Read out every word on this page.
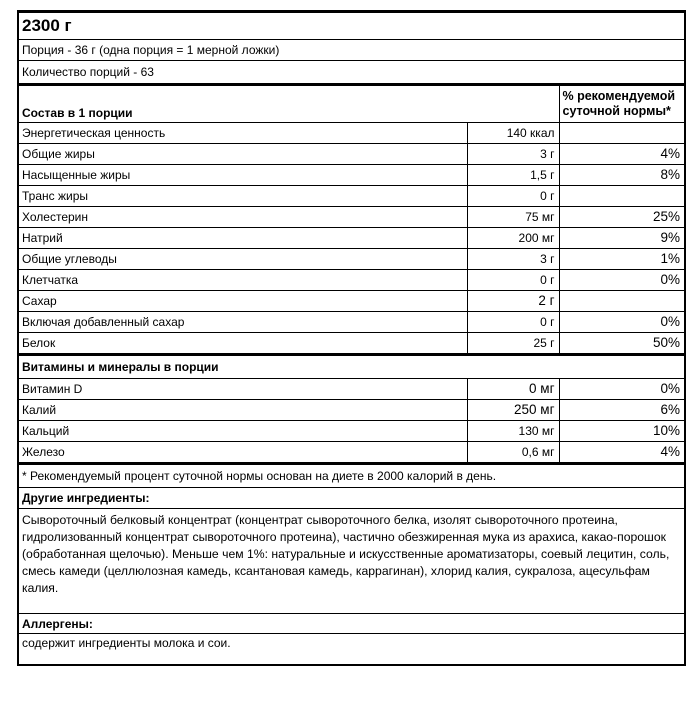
2300 г		
Порция - 36 г (одна порция = 1 мерной ложки)		
Количество порций - 63		
Состав в 1 порции		% рекомендуемой суточной нормы*
Энергетическая ценность	140 ккал	
Общие жиры	3 г	4%
Насыщенные жиры	1,5 г	8%
Транс жиры	0 г	
Холестерин	75 мг	25%
Натрий	200 мг	9%
Общие углеводы	3 г	1%
Клетчатка	0 г	0%
Сахар	2 г	
Включая добавленный сахар	0 г	0%
Белок	25 г	50%
Витамины и минералы в порции		
Витамин D	0 мг	0%
Калий	250 мг	6%
Кальций	130 мг	10%
Железо	0,6 мг	4%
* Рекомендуемый процент суточной нормы основан на диете в 2000 калорий в день.		
Другие ингредиенты:		
Сывороточный белковый концентрат (концентрат сывороточного белка, изолят сывороточного протеина, гидролизованный концентрат сывороточного протеина), частично обезжиренная мука из арахиса, какао-порошок (обработанная щелочью). Меньше чем 1%: натуральные и искусственные ароматизаторы, соевый лецитин, соль, смесь камеди (целлюлозная камедь, ксантановая камедь, каррагинан), хлорид калия, сукралоза, ацесульфам калия.		
Аллергены:		
содержит ингредиенты молока и сои.		
